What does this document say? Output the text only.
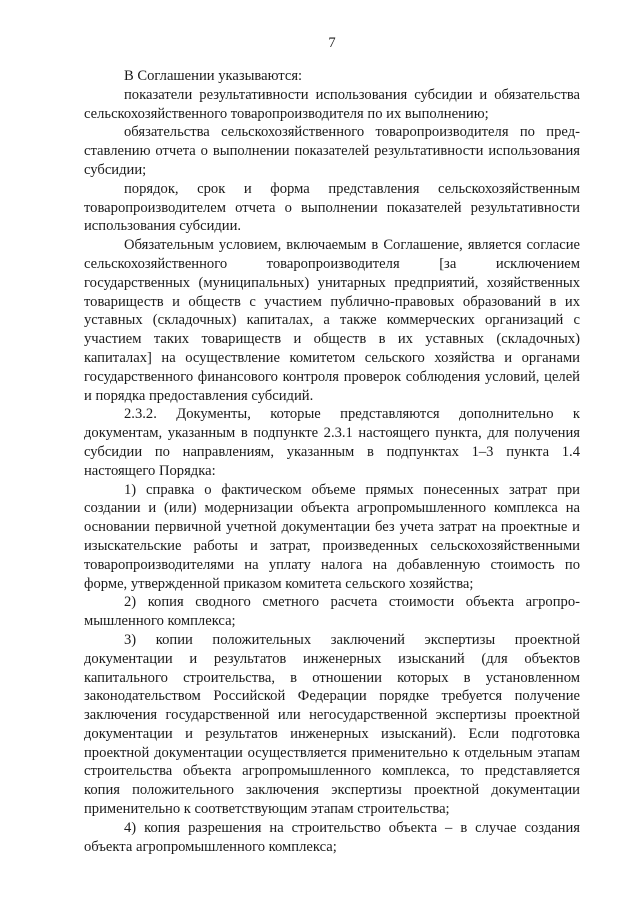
7

В Соглашении указываются:

показатели результативности использования субсидии и обязательства сельскохозяйственного товаропроизводителя по их выполнению;

обязательства сельскохозяйственного товаропроизводителя по представлению отчета о выполнении показателей результативности использования субсидии;

порядок, срок и форма представления сельскохозяйственным товаропроизводителем отчета о выполнении показателей результативности использования субсидии.

Обязательным условием, включаемым в Соглашение, является согласие сельскохозяйственного товаропроизводителя [за исключением государственных (муниципальных) унитарных предприятий, хозяйственных товариществ и обществ с участием публично-правовых образований в их уставных (складочных) капиталах, а также коммерческих организаций с участием таких товариществ и обществ в их уставных (складочных) капиталах] на осуществление комитетом сельского хозяйства и органами государственного финансового контроля проверок соблюдения условий, целей и порядка предоставления субсидий.

2.3.2. Документы, которые представляются дополнительно к документам, указанным в подпункте 2.3.1 настоящего пункта, для получения субсидии по направлениям, указанным в подпунктах 1–3 пункта 1.4 настоящего Порядка:

1) справка о фактическом объеме прямых понесенных затрат при создании и (или) модернизации объекта агропромышленного комплекса на основании первичной учетной документации без учета затрат на проектные и изыскательские работы и затрат, произведенных сельскохозяйственными товаропроизводителями на уплату налога на добавленную стоимость по форме, утвержденной приказом комитета сельского хозяйства;

2) копия сводного сметного расчета стоимости объекта агропромышленного комплекса;

3) копии положительных заключений экспертизы проектной документации и результатов инженерных изысканий (для объектов капитального строительства, в отношении которых в установленном законодательством Российской Федерации порядке требуется получение заключения государственной или негосударственной экспертизы проектной документации и результатов инженерных изысканий). Если подготовка проектной документации осуществляется применительно к отдельным этапам строительства объекта агропромышленного комплекса, то представляется копия положительного заключения экспертизы проектной документации применительно к соответствующим этапам строительства;

4) копия разрешения на строительство объекта – в случае создания объекта агропромышленного комплекса;
